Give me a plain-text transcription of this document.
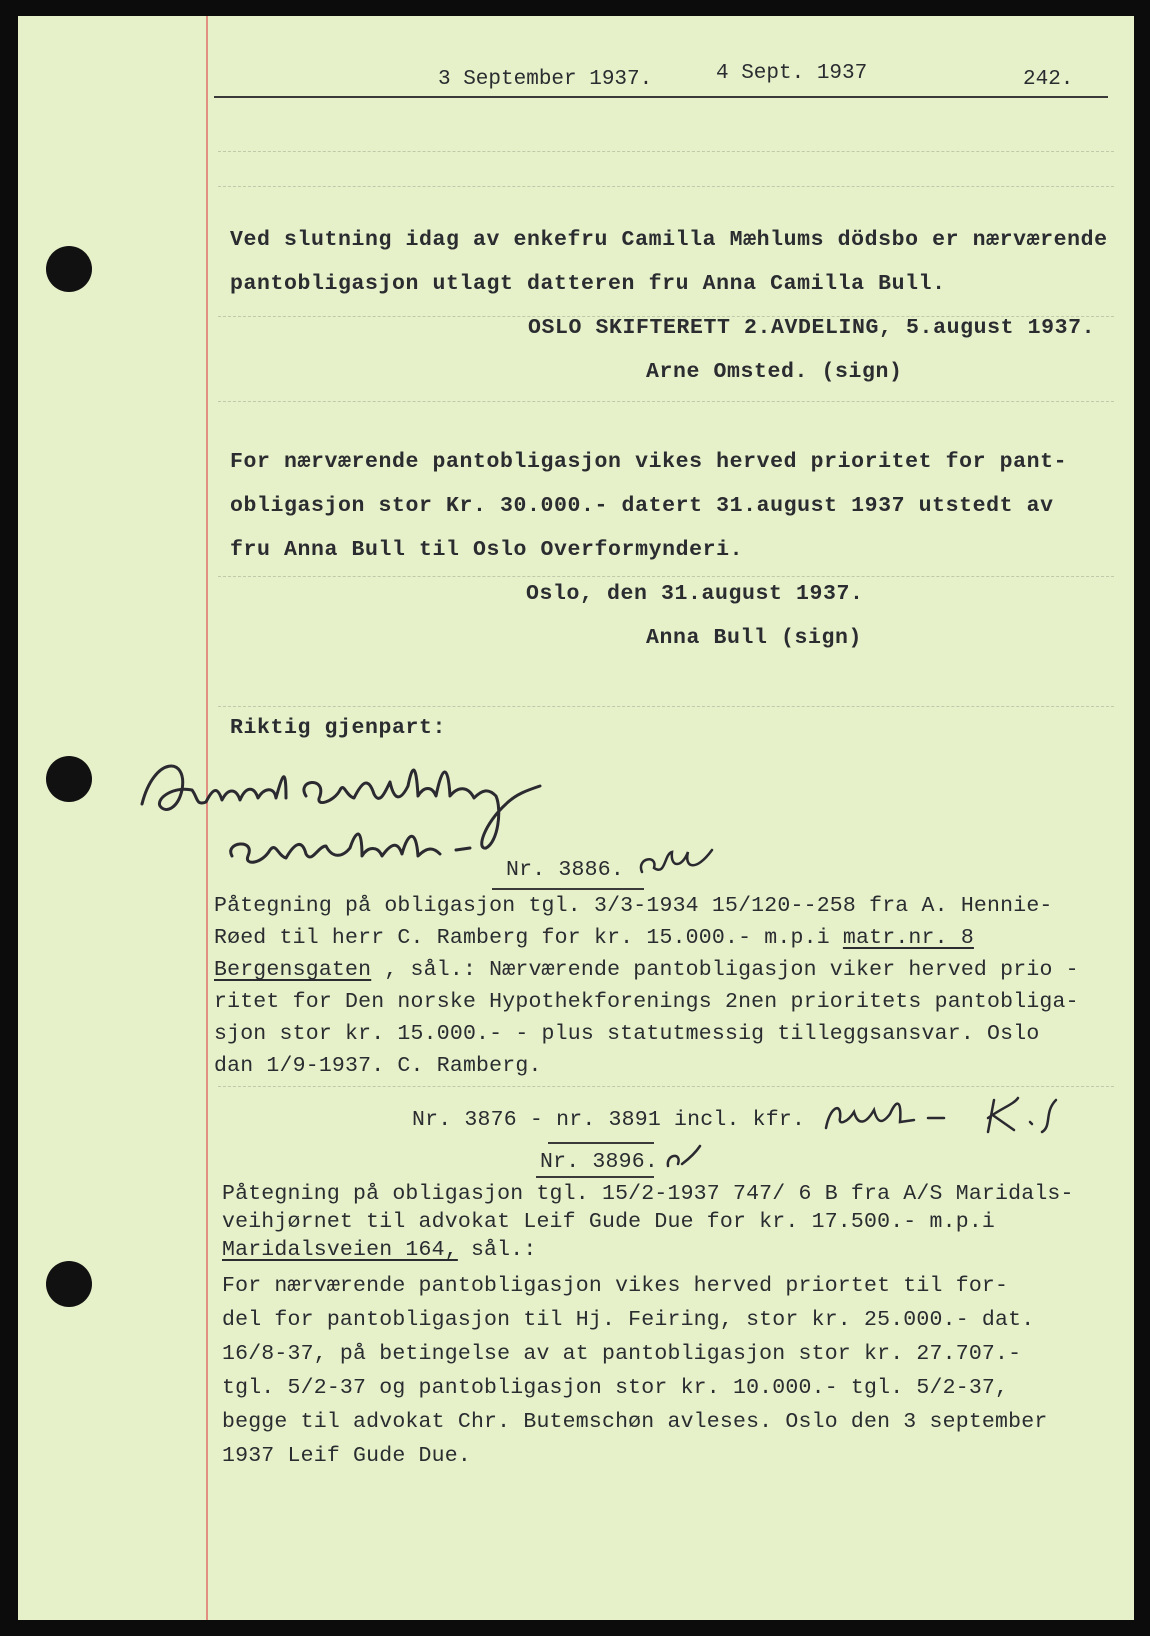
3 September 1937.	4 Sept. 1937	242.
Ved slutning idag av enkefru Camilla Mæhlums dödsbo er nærværende
pantobligasjon utlagt datteren fru Anna Camilla Bull.
OSLO SKIFTERETT 2.AVDELING, 5.august 1937.
Arne Omsted. (sign)
For nærværende pantobligasjon vikes herved prioritet for pant-
obligasjon stor Kr. 30.000.- datert 31.august 1937 utstedt av
fru Anna Bull til Oslo Overformynderi.
Oslo, den 31.august 1937.
Anna Bull (sign)
Riktig gjenpart:
Nr. 3886.
Påtegning på obligasjon tgl. 3/3-1934 15/120--258 fra A. Hennie-
Røed til herr C. Ramberg for kr. 15.000.- m.p.i matr.nr. 8
Bergensgaten , sål.: Nærværende pantobligasjon viker herved prio -
ritet for Den norske Hypothekforenings 2nen prioritets pantobliga-
sjon stor kr. 15.000.- - plus statutmessig tilleggsansvar. Oslo
dan 1/9-1937. C. Ramberg.
Nr. 3876 - nr. 3891 incl. kfr.
Nr. 3896.
Påtegning på obligasjon tgl. 15/2-1937 747/ 6 B fra A/S Maridals-
veihjørnet til advokat Leif Gude Due for kr. 17.500.- m.p.i
Maridalsveien 164, sål.:
For nærværende pantobligasjon vikes herved priortet til for-
del for pantobligasjon til Hj. Feiring, stor kr. 25.000.- dat.
16/8-37, på betingelse av at pantobligasjon stor kr. 27.707.-
tgl. 5/2-37 og pantobligasjon stor kr. 10.000.- tgl. 5/2-37,
begge til advokat Chr. Butemschøn avleses. Oslo den 3 september
1937 Leif Gude Due.
